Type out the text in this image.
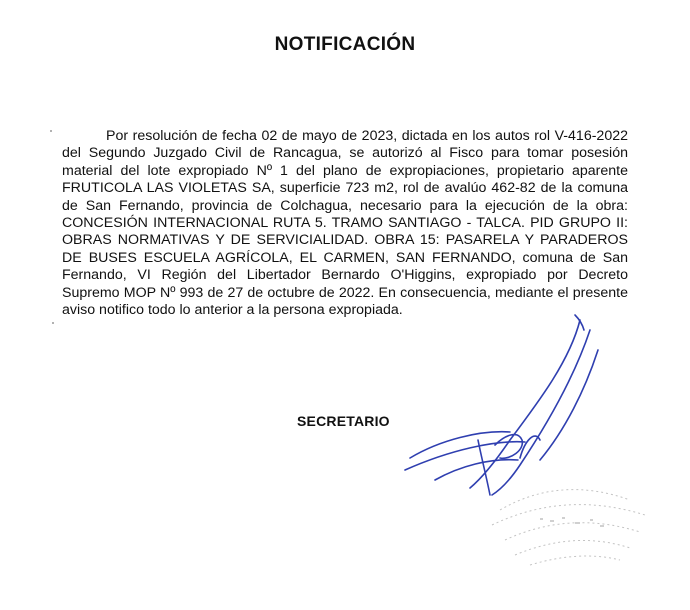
NOTIFICACIÓN

Por resolución de fecha 02 de mayo de 2023, dictada en los autos rol V-416-2022 del Segundo Juzgado Civil de Rancagua, se autorizó al Fisco para tomar posesión material del lote expropiado Nº 1 del plano de expropiaciones, propietario aparente FRUTICOLA LAS VIOLETAS SA, superficie 723 m2, rol de avalúo 462-82 de la comuna de San Fernando, provincia de Colchagua, necesario para la ejecución de la obra: CONCESIÓN INTERNACIONAL RUTA 5. TRAMO SANTIAGO - TALCA. PID GRUPO II: OBRAS NORMATIVAS Y DE SERVICIALIDAD. OBRA 15: PASARELA Y PARADEROS DE BUSES ESCUELA AGRÍCOLA, EL CARMEN, SAN FERNANDO, comuna de San Fernando, VI Región del Libertador Bernardo O'Higgins, expropiado por Decreto Supremo MOP Nº 993 de 27 de octubre de 2022. En consecuencia, mediante el presente aviso notifico todo lo anterior a la persona expropiada.

SECRETARIO
